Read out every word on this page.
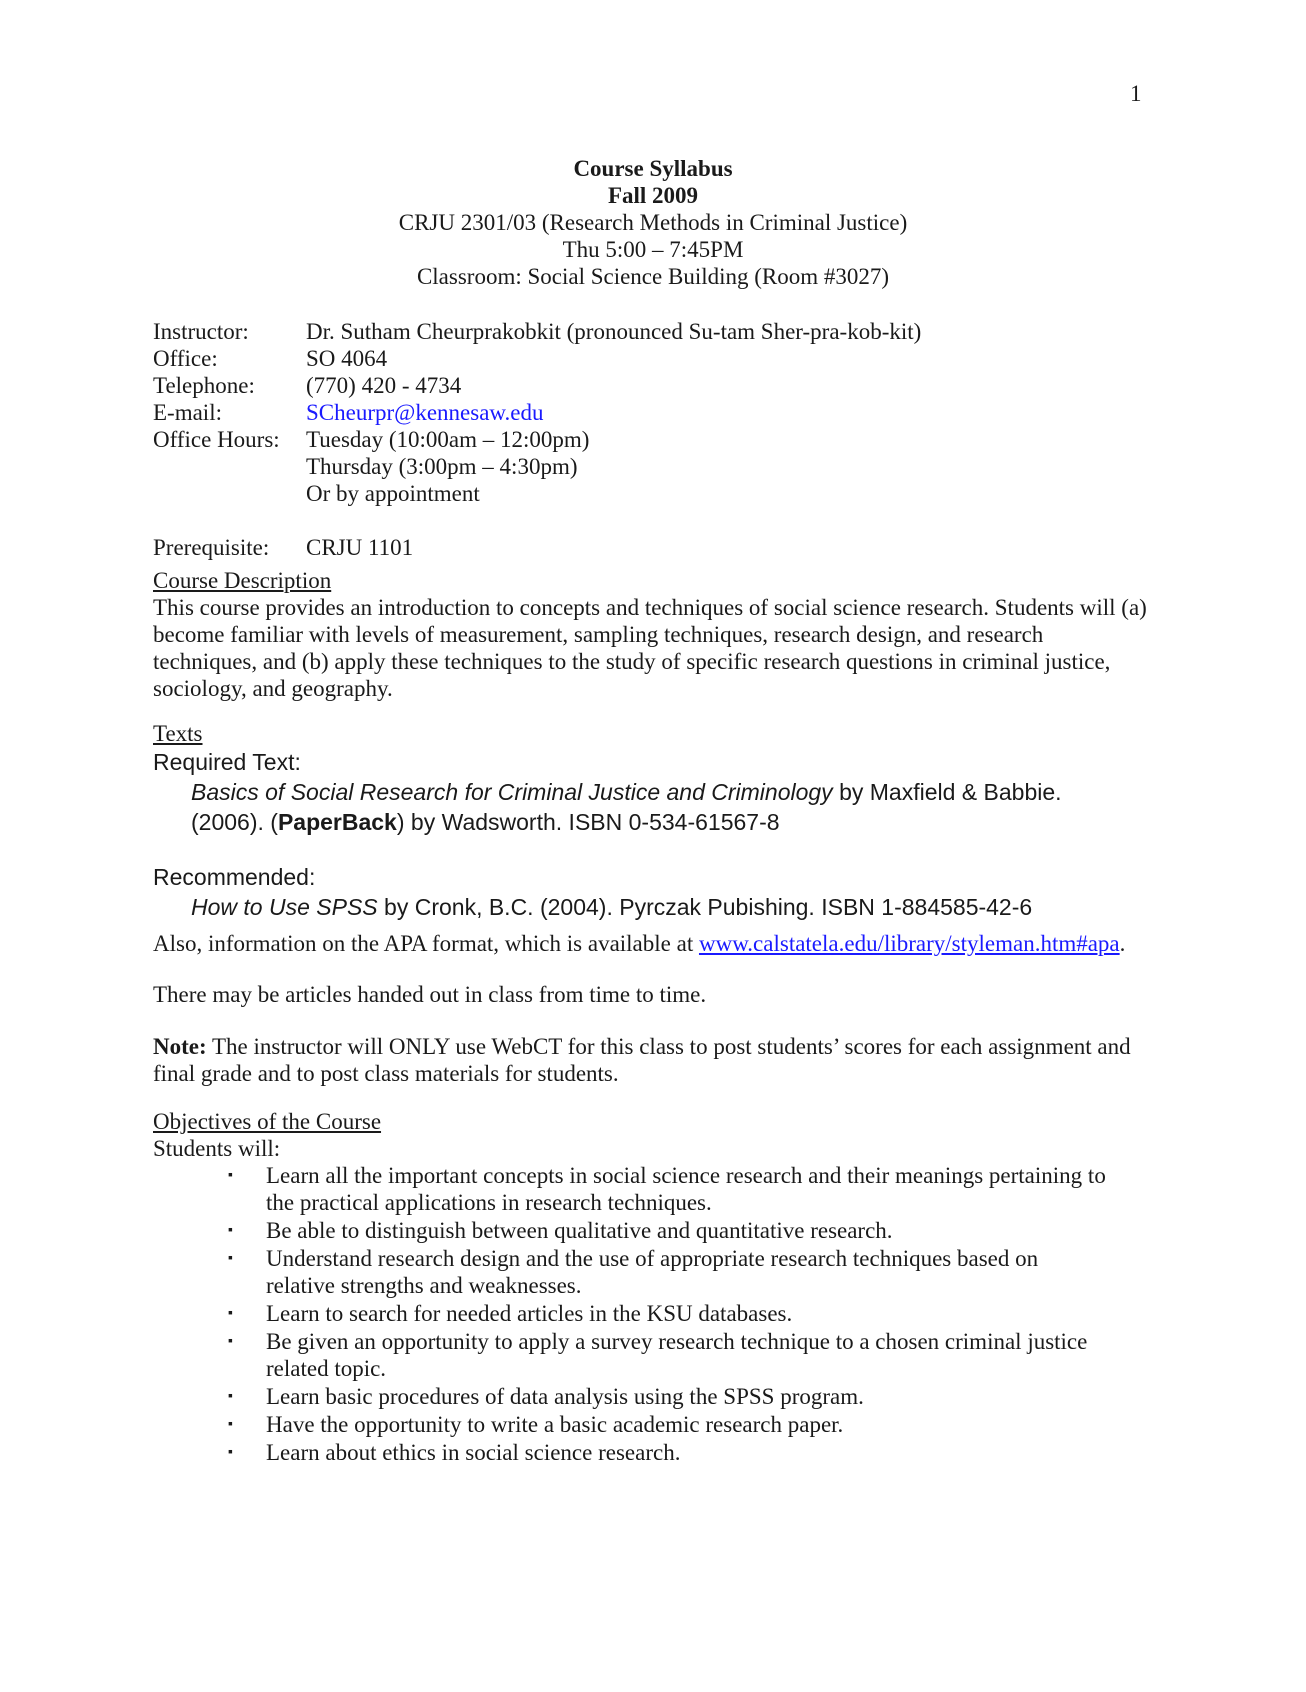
1
Course Syllabus
Fall 2009
CRJU 2301/03 (Research Methods in Criminal Justice)
Thu 5:00 – 7:45PM
Classroom: Social Science Building (Room #3027)
Instructor:	Dr. Sutham Cheurprakobkit (pronounced Su-tam Sher-pra-kob-kit)
Office:	SO 4064
Telephone:	(770) 420 - 4734
E-mail:	SCheurpr@kennesaw.edu
Office Hours:	Tuesday (10:00am – 12:00pm)
Thursday (3:00pm – 4:30pm)
Or by appointment
Prerequisite:	CRJU 1101
Course Description
This course provides an introduction to concepts and techniques of social science research. Students will (a) become familiar with levels of measurement, sampling techniques, research design, and research techniques, and (b) apply these techniques to the study of specific research questions in criminal justice, sociology, and geography.
Texts
Required Text:
Basics of Social Research for Criminal Justice and Criminology by Maxfield & Babbie.
(2006). (PaperBack) by Wadsworth. ISBN 0-534-61567-8
Recommended:
How to Use SPSS by Cronk, B.C. (2004). Pyrczak Pubishing. ISBN 1-884585-42-6
Also, information on the APA format, which is available at www.calstatela.edu/library/styleman.htm#apa.
There may be articles handed out in class from time to time.
Note: The instructor will ONLY use WebCT for this class to post students’ scores for each assignment and final grade and to post class materials for students.
Objectives of the Course
Students will:
▪ Learn all the important concepts in social science research and their meanings pertaining to the practical applications in research techniques.
▪ Be able to distinguish between qualitative and quantitative research.
▪ Understand research design and the use of appropriate research techniques based on relative strengths and weaknesses.
▪ Learn to search for needed articles in the KSU databases.
▪ Be given an opportunity to apply a survey research technique to a chosen criminal justice related topic.
▪ Learn basic procedures of data analysis using the SPSS program.
▪ Have the opportunity to write a basic academic research paper.
▪ Learn about ethics in social science research.
